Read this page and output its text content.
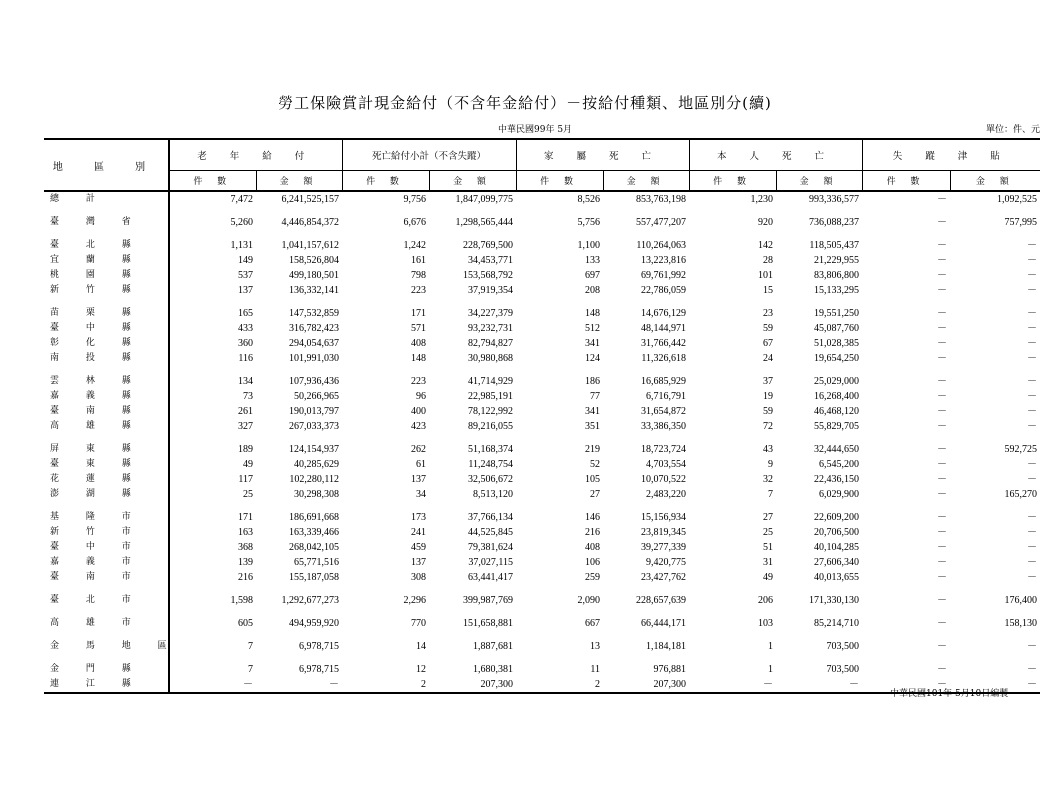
勞工保險賞計現金給付（不含年金給付）－按給付種類、地區別分(續)
中華民國99年 5月	單位：件、元
地 區 別	老 年 給 付		死亡給付小計（不含失蹤）		家 屬 死 亡		本 人 死 亡		失 蹤 津 貼	
	件 數	金 額	件 數	金 額	件 數	金 額	件 數	金 額	件 數	金 額
總 計	7,472	6,241,525,157	9,756	1,847,099,775	8,526	853,763,198	1,230	993,336,577	－	1,092,525
臺 灣 省	5,260	4,446,854,372	6,676	1,298,565,444	5,756	557,477,207	920	736,088,237	－	757,995
臺 北 縣	1,131	1,041,157,612	1,242	228,769,500	1,100	110,264,063	142	118,505,437	－	－
宜 蘭 縣	149	158,526,804	161	34,453,771	133	13,223,816	28	21,229,955	－	－
桃 園 縣	537	499,180,501	798	153,568,792	697	69,761,992	101	83,806,800	－	－
新 竹 縣	137	136,332,141	223	37,919,354	208	22,786,059	15	15,133,295	－	－
苗 栗 縣	165	147,532,859	171	34,227,379	148	14,676,129	23	19,551,250	－	－
臺 中 縣	433	316,782,423	571	93,232,731	512	48,144,971	59	45,087,760	－	－
彰 化 縣	360	294,054,637	408	82,794,827	341	31,766,442	67	51,028,385	－	－
南 投 縣	116	101,991,030	148	30,980,868	124	11,326,618	24	19,654,250	－	－
雲 林 縣	134	107,936,436	223	41,714,929	186	16,685,929	37	25,029,000	－	－
嘉 義 縣	73	50,266,965	96	22,985,191	77	6,716,791	19	16,268,400	－	－
臺 南 縣	261	190,013,797	400	78,122,992	341	31,654,872	59	46,468,120	－	－
高 雄 縣	327	267,033,373	423	89,216,055	351	33,386,350	72	55,829,705	－	－
屏 東 縣	189	124,154,937	262	51,168,374	219	18,723,724	43	32,444,650	－	592,725
臺 東 縣	49	40,285,629	61	11,248,754	52	4,703,554	9	6,545,200	－	－
花 蓮 縣	117	102,280,112	137	32,506,672	105	10,070,522	32	22,436,150	－	－
澎 湖 縣	25	30,298,308	34	8,513,120	27	2,483,220	7	6,029,900	－	165,270
基 隆 市	171	186,691,668	173	37,766,134	146	15,156,934	27	22,609,200	－	－
新 竹 市	163	163,339,466	241	44,525,845	216	23,819,345	25	20,706,500	－	－
臺 中 市	368	268,042,105	459	79,381,624	408	39,277,339	51	40,104,285	－	－
嘉 義 市	139	65,771,516	137	37,027,115	106	9,420,775	31	27,606,340	－	－
臺 南 市	216	155,187,058	308	63,441,417	259	23,427,762	49	40,013,655	－	－
臺 北 市	1,598	1,292,677,273	2,296	399,987,769	2,090	228,657,639	206	171,330,130	－	176,400
高 雄 市	605	494,959,920	770	151,658,881	667	66,444,171	103	85,214,710	－	158,130
金 馬 地 區	7	6,978,715	14	1,887,681	13	1,184,181	1	703,500	－	－
金 門 縣	7	6,978,715	12	1,680,381	11	976,881	1	703,500	－	－
連 江 縣	－	－	2	207,300	2	207,300	－	－	－	－
中華民國101年 5月10日編製
